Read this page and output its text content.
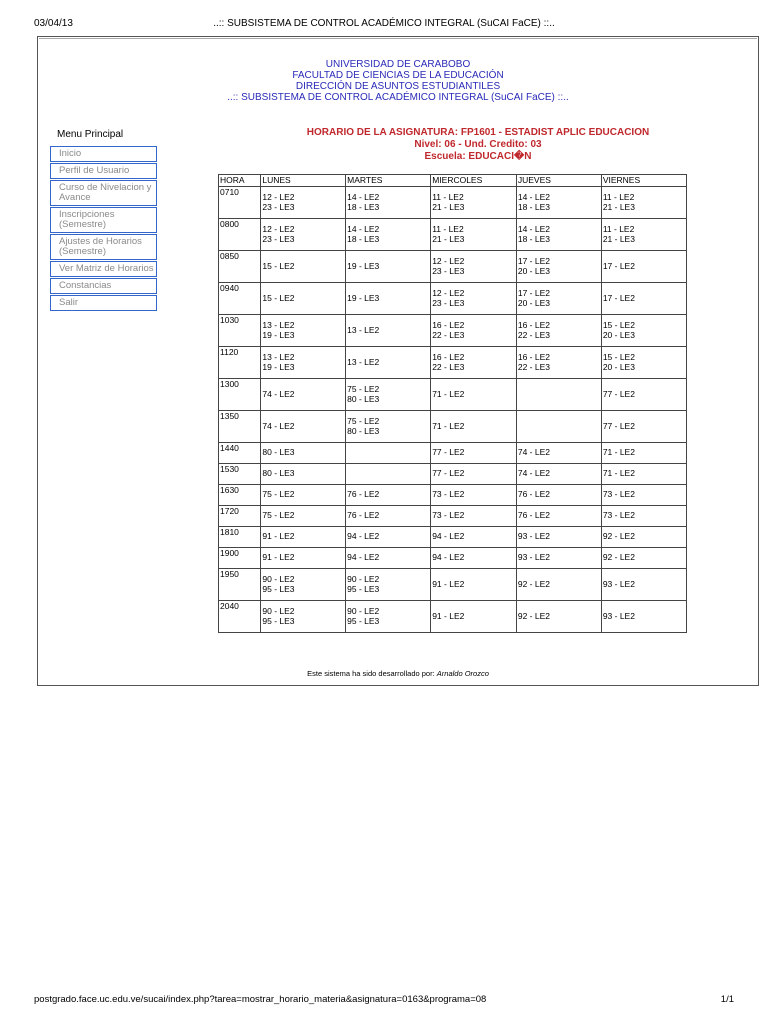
03/04/13	..:: SUBSISTEMA DE CONTROL ACADÉMICO INTEGRAL (SuCAI FaCE) ::..
UNIVERSIDAD DE CARABOBO
FACULTAD DE CIENCIAS DE LA EDUCACIÓN
DIRECCIÓN DE ASUNTOS ESTUDIANTILES
..:: SUBSISTEMA DE CONTROL ACADÉMICO INTEGRAL (SuCAI FaCE) ::..
Menu Principal
Inicio
Perfil de Usuario
Curso de Nivelacion y Avance
Inscripciones (Semestre)
Ajustes de Horarios (Semestre)
Ver Matriz de Horarios
Constancias
Salir
HORARIO DE LA ASIGNATURA: FP1601 - ESTADIST APLIC EDUCACION
Nivel: 06 - Und. Credito: 03
Escuela: EDUCACI�N
HORA	LUNES	MARTES	MIERCOLES	JUEVES	VIERNES
0710	12 - LE2
23 - LE3	14 - LE2
18 - LE3	11 - LE2
21 - LE3	14 - LE2
18 - LE3	11 - LE2
21 - LE3
0800	12 - LE2
23 - LE3	14 - LE2
18 - LE3	11 - LE2
21 - LE3	14 - LE2
18 - LE3	11 - LE2
21 - LE3
0850	15 - LE2	19 - LE3	12 - LE2
23 - LE3	17 - LE2
20 - LE3	17 - LE2
0940	15 - LE2	19 - LE3	12 - LE2
23 - LE3	17 - LE2
20 - LE3	17 - LE2
1030	13 - LE2
19 - LE3	13 - LE2	16 - LE2
22 - LE3	16 - LE2
22 - LE3	15 - LE2
20 - LE3
1120	13 - LE2
19 - LE3	13 - LE2	16 - LE2
22 - LE3	16 - LE2
22 - LE3	15 - LE2
20 - LE3
1300	74 - LE2	75 - LE2
80 - LE3	71 - LE2		77 - LE2
1350	74 - LE2	75 - LE2
80 - LE3	71 - LE2		77 - LE2
1440	80 - LE3		77 - LE2	74 - LE2	71 - LE2
1530	80 - LE3		77 - LE2	74 - LE2	71 - LE2
1630	75 - LE2	76 - LE2	73 - LE2	76 - LE2	73 - LE2
1720	75 - LE2	76 - LE2	73 - LE2	76 - LE2	73 - LE2
1810	91 - LE2	94 - LE2	94 - LE2	93 - LE2	92 - LE2
1900	91 - LE2	94 - LE2	94 - LE2	93 - LE2	92 - LE2
1950	90 - LE2
95 - LE3	90 - LE2
95 - LE3	91 - LE2	92 - LE2	93 - LE2
2040	90 - LE2
95 - LE3	90 - LE2
95 - LE3	91 - LE2	92 - LE2	93 - LE2
Este sistema ha sido desarrollado por: Arnaldo Orozco
postgrado.face.uc.edu.ve/sucai/index.php?tarea=mostrar_horario_materia&asignatura=0163&programa=08	1/1
